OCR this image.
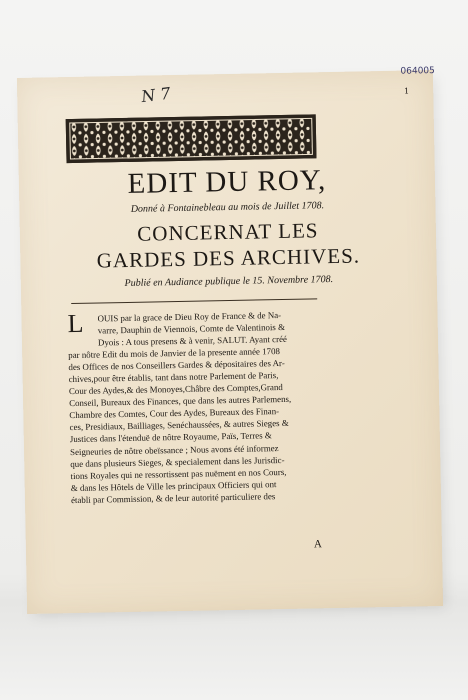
064005
N 7	1
EDIT DU ROY,

Donné à Fontainebleau au mois de Juillet 1708.

CONCERNAT LES
GARDES DES ARCHIVES.

Publié en Audiance publique le 15. Novembre 1708.

L	OUIS par la grace de Dieu Roy de France & de Na-
varre, Dauphin de Viennois, Comte de Valentinois &
Dyois : A tous presens & à venir, SALUT. Ayant créé
par nôtre Edit du mois de Janvier de la presente année 1708
des Offices de nos Conseillers Gardes & dépositaires des Ar-
chives,pour être établis, tant dans notre Parlement de Paris,
Cour des Aydes,& des Monoyes,Châbre des Comptes,Grand
Conseil, Bureaux des Finances, que dans les autres Parlemens,
Chambre des Comtes, Cour des Aydes, Bureaux des Finan-
ces, Presidiaux, Bailliages, Senéchaussées, & autres Sieges &
Justices dans l'étenduë de nôtre Royaume, Païs, Terres &
Seigneuries de nôtre obeïssance ; Nous avons été informez
que dans plusieurs Sieges, & specialement dans les Jurisdic-
tions Royales qui ne ressortissent pas nuëment en nos Cours,
& dans les Hôtels de Ville les principaux Officiers qui ont
établi par Commission, & de leur autorité particuliere des
A
